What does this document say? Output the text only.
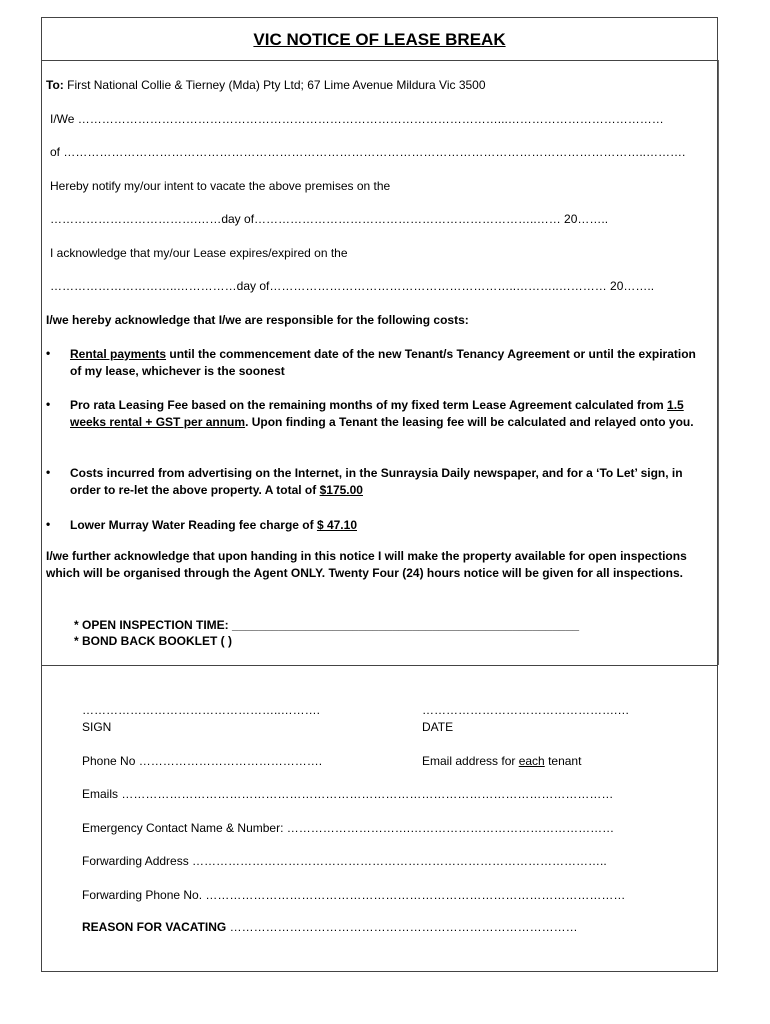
VIC NOTICE OF LEASE BREAK
To: First National Collie & Tierney (Mda) Pty Ltd; 67 Lime Avenue Mildura Vic 3500
I/We ……………………………………………………………………………………………...…………………………………
of ………………………………………………………………………………………………………………………………..……….
Hereby notify my/our intent to vacate the above premises on the
……………………………….……day of……………………………………………………………..…… 20……..
I acknowledge that my/our Lease expires/expired on the
…………………………..……………day of……………………………………………………..………..………… 20……..
I/we hereby acknowledge that I/we are responsible for the following costs:
• Rental payments until the commencement date of the new Tenant/s Tenancy Agreement or until the expiration of my lease, whichever is the soonest
• Pro rata Leasing Fee based on the remaining months of my fixed term Lease Agreement calculated from 1.5 weeks rental + GST per annum. Upon finding a Tenant the leasing fee will be calculated and relayed onto you.
• Costs incurred from advertising on the Internet, in the Sunraysia Daily newspaper, and for a ‘To Let’ sign, in order to re-let the above property. A total of $175.00
• Lower Murray Water Reading fee charge of $ 47.10
I/we further acknowledge that upon handing in this notice I will make the property available for open inspections which will be organised through the Agent ONLY. Twenty Four (24) hours notice will be given for all inspections.
* OPEN INSPECTION TIME: ____________________________________________________
* BOND BACK BOOKLET ( )
…………………………………………..……….
SIGN
………………………………………….…
DATE
Phone No ……………………………………….	Email address for each tenant
Emails ……………………………………………………………………………………………………………
Emergency Contact Name & Number: ………………………….……………………………………………
Forwarding Address …………………………………………………………………………………………..
Forwarding Phone No. ……………………………………………………………………………………………
REASON FOR VACATING ……………………………………………………………………………
